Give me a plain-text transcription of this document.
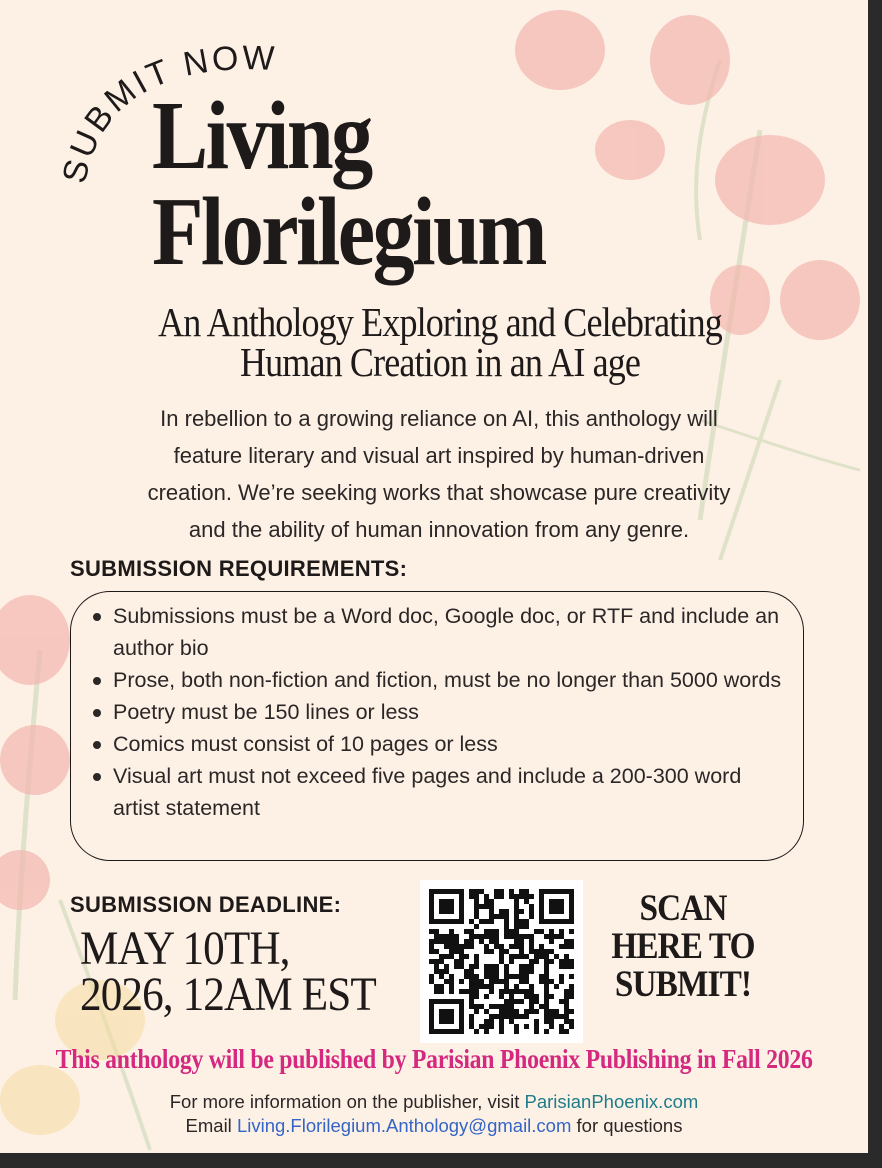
SUBMIT NOW
Living
Florilegium
An Anthology Exploring and Celebrating
Human Creation in an AI age
In rebellion to a growing reliance on AI, this anthology will
feature literary and visual art inspired by human-driven
creation. We’re seeking works that showcase pure creativity
and the ability of human innovation from any genre.
SUBMISSION REQUIREMENTS:
Submissions must be a Word doc, Google doc, or RTF and include an author bio
Prose, both non-fiction and fiction, must be no longer than 5000 words
Poetry must be 150 lines or less
Comics must consist of 10 pages or less
Visual art must not exceed five pages and include a 200-300 word artist statement
SUBMISSION DEADLINE:
MAY 10TH,
2026, 12AM EST
SCAN
HERE TO
SUBMIT!
This anthology will be published by Parisian Phoenix Publishing in Fall 2026
For more information on the publisher, visit ParisianPhoenix.com
Email Living.Florilegium.Anthology@gmail.com for questions
